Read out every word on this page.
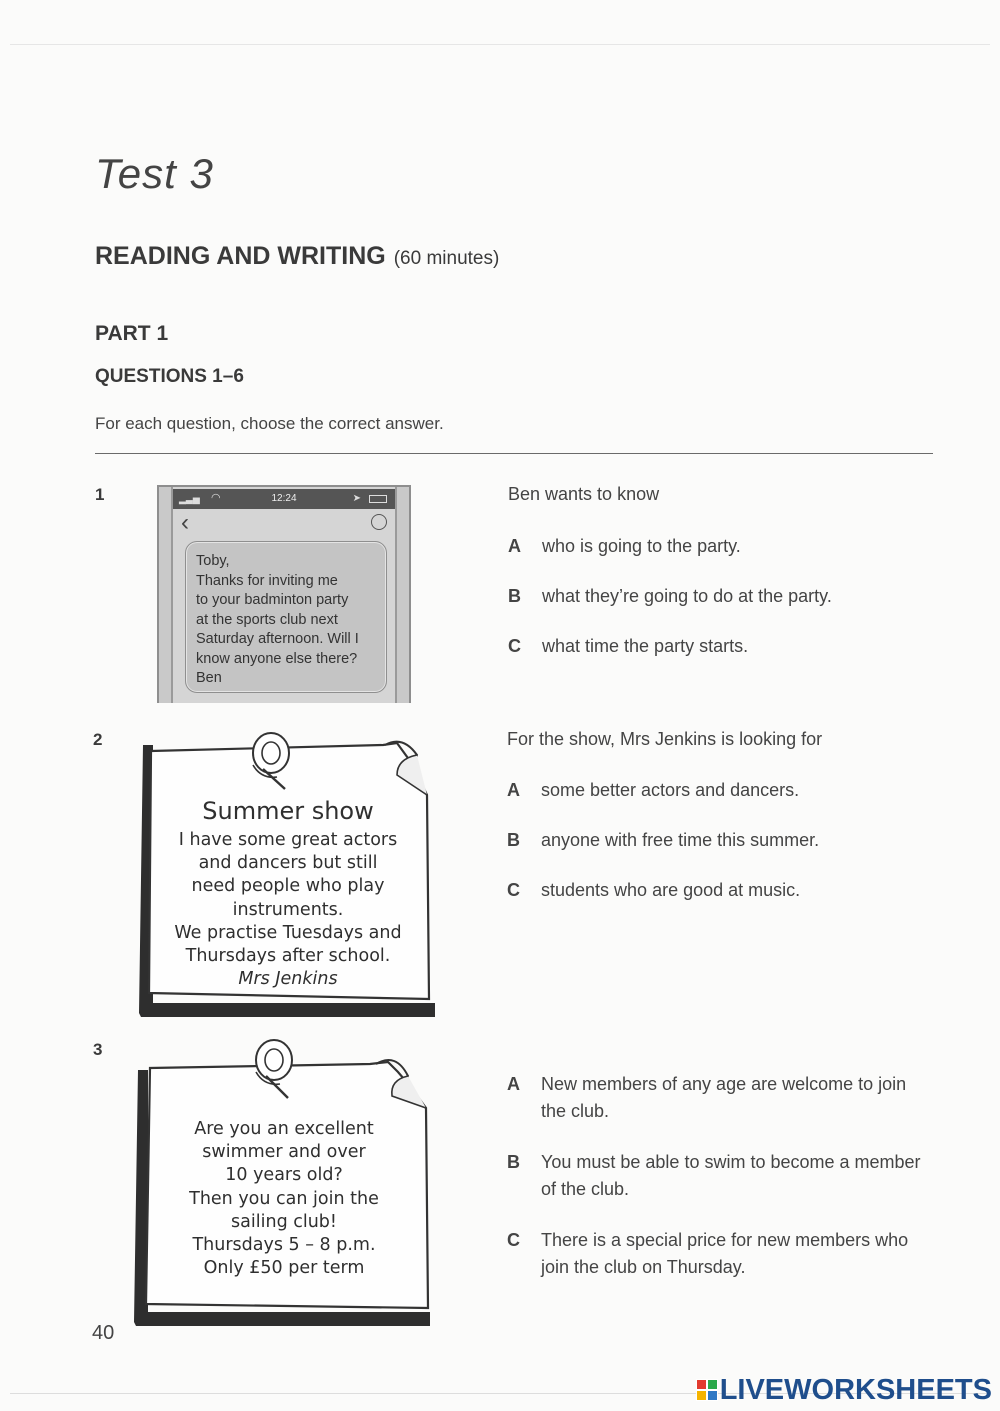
Test 3
READING AND WRITING (60 minutes)
PART 1
QUESTIONS 1–6
For each question, choose the correct answer.
1	▂▃▅ ◠	12:24	➤
‹
Toby,
Thanks for inviting me
to your badminton party
at the sports club next
Saturday afternoon. Will I
know anyone else there?
Ben
Ben wants to know
A	who is going to the party.
B	what they’re going to do at the party.
C	what time the party starts.
2
Summer show
I have some great actors
and dancers but still
need people who play
instruments.
We practise Tuesdays and
Thursdays after school.
Mrs Jenkins
For the show, Mrs Jenkins is looking for
A	some better actors and dancers.
B	anyone with free time this summer.
C	students who are good at music.
3
Are you an excellent
swimmer and over
10 years old?
Then you can join the
sailing club!
Thursdays 5 – 8 p.m.
Only £50 per term
A	New members of any age are welcome to join the club.
B	You must be able to swim to become a member of the club.
C	There is a special price for new members who join the club on Thursday.
40
LIVEWORKSHEETS
